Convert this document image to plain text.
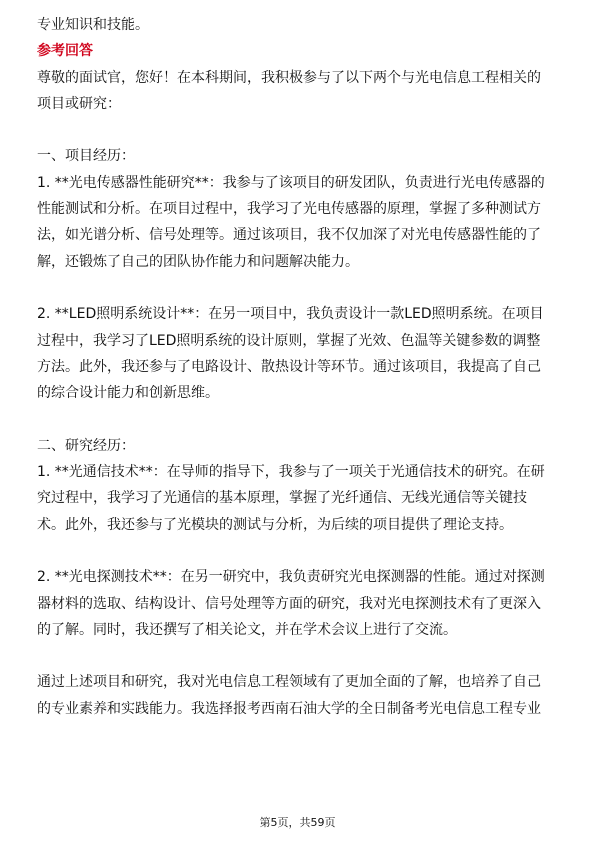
专业知识和技能。
参考回答
尊敬的面试官，您好！在本科期间，我积极参与了以下两个与光电信息工程相关的
项目或研究：
一、项目经历：
1. **光电传感器性能研究**：我参与了该项目的研发团队，负责进行光电传感器的
性能测试和分析。在项目过程中，我学习了光电传感器的原理，掌握了多种测试方
法，如光谱分析、信号处理等。通过该项目，我不仅加深了对光电传感器性能的了
解，还锻炼了自己的团队协作能力和问题解决能力。
2. **LED照明系统设计**：在另一项目中，我负责设计一款LED照明系统。在项目
过程中，我学习了LED照明系统的设计原则，掌握了光效、色温等关键参数的调整
方法。此外，我还参与了电路设计、散热设计等环节。通过该项目，我提高了自己
的综合设计能力和创新思维。
二、研究经历：
1. **光通信技术**：在导师的指导下，我参与了一项关于光通信技术的研究。在研
究过程中，我学习了光通信的基本原理，掌握了光纤通信、无线光通信等关键技
术。此外，我还参与了光模块的测试与分析，为后续的项目提供了理论支持。
2. **光电探测技术**：在另一研究中，我负责研究光电探测器的性能。通过对探测
器材料的选取、结构设计、信号处理等方面的研究，我对光电探测技术有了更深入
的了解。同时，我还撰写了相关论文，并在学术会议上进行了交流。
通过上述项目和研究，我对光电信息工程领域有了更加全面的了解，也培养了自己
的专业素养和实践能力。我选择报考西南石油大学的全日制备考光电信息工程专业
第5页，共59页
